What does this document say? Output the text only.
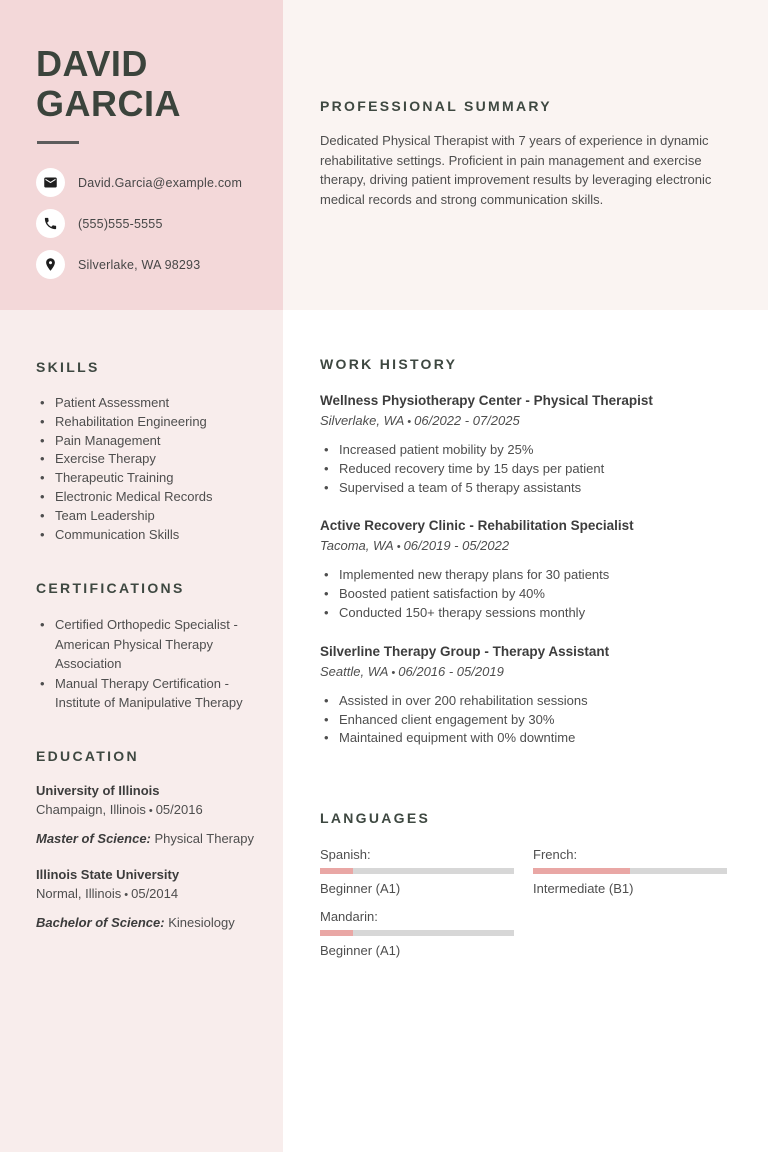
DAVID
GARCIA
David.Garcia@example.com
(555)555-5555
Silverlake, WA 98293
PROFESSIONAL SUMMARY

Dedicated Physical Therapist with 7 years of experience in dynamic rehabilitative settings. Proficient in pain management and exercise therapy, driving patient improvement results by leveraging electronic medical records and strong communication skills.

SKILLS
• Patient Assessment
• Rehabilitation Engineering
• Pain Management
• Exercise Therapy
• Therapeutic Training
• Electronic Medical Records
• Team Leadership
• Communication Skills
CERTIFICATIONS
• Certified Orthopedic Specialist - American Physical Therapy Association
• Manual Therapy Certification - Institute of Manipulative Therapy
EDUCATION
University of Illinois
Champaign, Illinois • 05/2016
Master of Science: Physical Therapy
Illinois State University
Normal, Illinois • 05/2014
Bachelor of Science: Kinesiology
WORK HISTORY
Wellness Physiotherapy Center - Physical Therapist
Silverlake, WA • 06/2022 - 07/2025
• Increased patient mobility by 25%
• Reduced recovery time by 15 days per patient
• Supervised a team of 5 therapy assistants
Active Recovery Clinic - Rehabilitation Specialist
Tacoma, WA • 06/2019 - 05/2022
• Implemented new therapy plans for 30 patients
• Boosted patient satisfaction by 40%
• Conducted 150+ therapy sessions monthly
Silverline Therapy Group - Therapy Assistant
Seattle, WA • 06/2016 - 05/2019
• Assisted in over 200 rehabilitation sessions
• Enhanced client engagement by 30%
• Maintained equipment with 0% downtime
LANGUAGES
Spanish:
Beginner (A1)
French:
Intermediate (B1)
Mandarin:
Beginner (A1)
